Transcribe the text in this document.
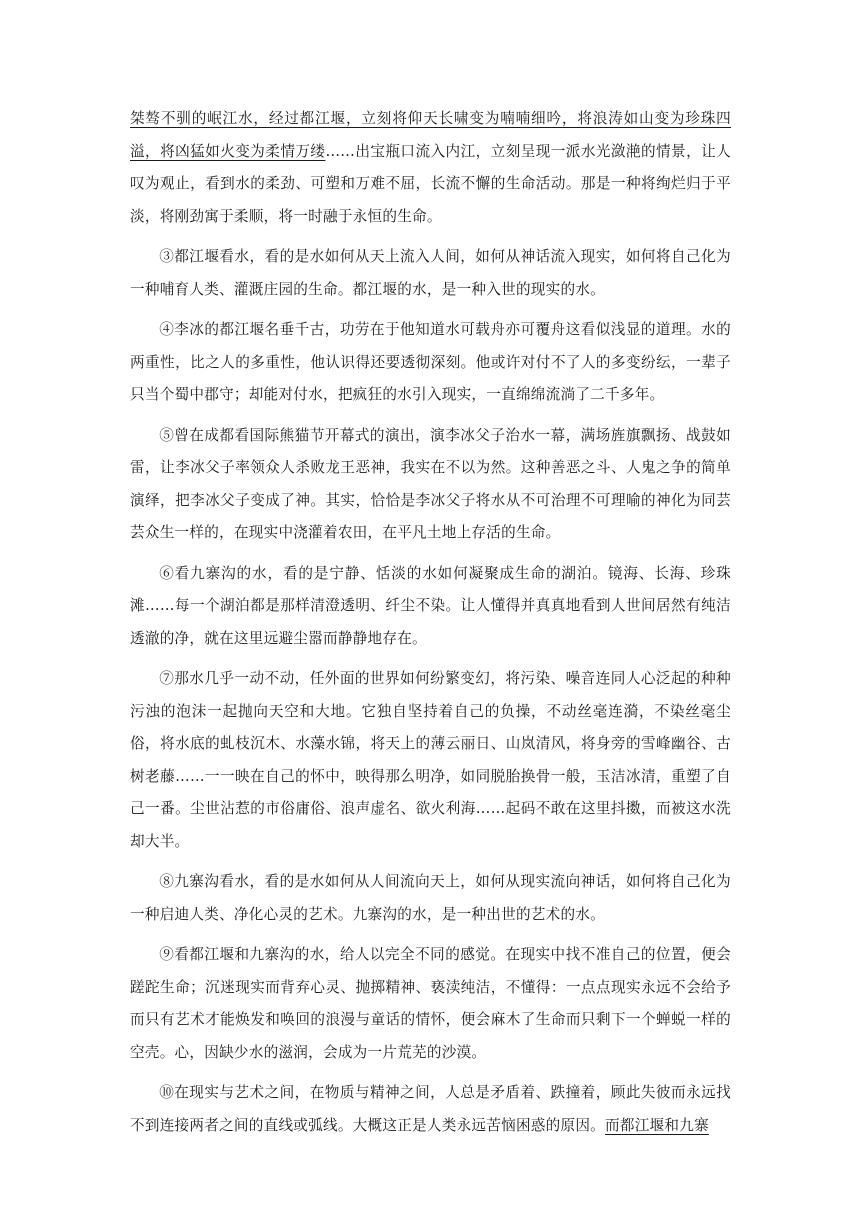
桀骜不驯的岷江水，经过都江堰，立刻将仰天长啸变为喃喃细吟，将浪涛如山变为珍珠四溢，将凶猛如火变为柔情万缕……出宝瓶口流入内江，立刻呈现一派水光潋滟的情景，让人叹为观止，看到水的柔劲、可塑和万难不屈，长流不懈的生命活动。那是一种将绚烂归于平淡，将刚劲寓于柔顺，将一时融于永恒的生命。

③都江堰看水，看的是水如何从天上流入人间，如何从神话流入现实，如何将自己化为一种哺育人类、灌溉庄园的生命。都江堰的水，是一种入世的现实的水。

④李冰的都江堰名垂千古，功劳在于他知道水可载舟亦可覆舟这看似浅显的道理。水的两重性，比之人的多重性，他认识得还要透彻深刻。他或许对付不了人的多变纷纭，一辈子只当个蜀中郡守；却能对付水，把疯狂的水引入现实，一直绵绵流淌了二千多年。

⑤曾在成都看国际熊猫节开幕式的演出，演李冰父子治水一幕，满场旌旗飘扬、战鼓如雷，让李冰父子率领众人杀败龙王恶神，我实在不以为然。这种善恶之斗、人鬼之争的简单演绎，把李冰父子变成了神。其实，恰恰是李冰父子将水从不可治理不可理喻的神化为同芸芸众生一样的，在现实中浇灌着农田，在平凡土地上存活的生命。

⑥看九寨沟的水，看的是宁静、恬淡的水如何凝聚成生命的湖泊。镜海、长海、珍珠滩……每一个湖泊都是那样清澄透明、纤尘不染。让人懂得并真真地看到人世间居然有纯洁透澈的净，就在这里远避尘嚣而静静地存在。

⑦那水几乎一动不动，任外面的世界如何纷繁变幻，将污染、噪音连同人心泛起的种种污浊的泡沫一起抛向天空和大地。它独自坚持着自己的负操，不动丝毫连漪，不染丝毫尘俗，将水底的虬枝沉木、水藻水锦，将天上的薄云丽日、山岚清风，将身旁的雪峰幽谷、古树老藤……一一映在自己的怀中，映得那么明净，如同脱胎换骨一般，玉洁冰清，重塑了自己一番。尘世沾惹的市俗庸俗、浪声虚名、欲火利海……起码不敢在这里抖擞，而被这水洗却大半。

⑧九寨沟看水，看的是水如何从人间流向天上，如何从现实流向神话，如何将自己化为一种启迪人类、净化心灵的艺术。九寨沟的水，是一种出世的艺术的水。

⑨看都江堰和九寨沟的水，给人以完全不同的感觉。在现实中找不准自己的位置，便会蹉跎生命；沉迷现实而背弃心灵、抛掷精神、亵渎纯洁，不懂得：一点点现实永远不会给予而只有艺术才能焕发和唤回的浪漫与童话的情怀，便会麻木了生命而只剩下一个蝉蜕一样的空壳。心，因缺少水的滋润，会成为一片荒芜的沙漠。

⑩在现实与艺术之间，在物质与精神之间，人总是矛盾着、跌撞着，顾此失彼而永远找不到连接两者之间的直线或弧线。大概这正是人类永远苦恼困惑的原因。而都江堰和九寨
